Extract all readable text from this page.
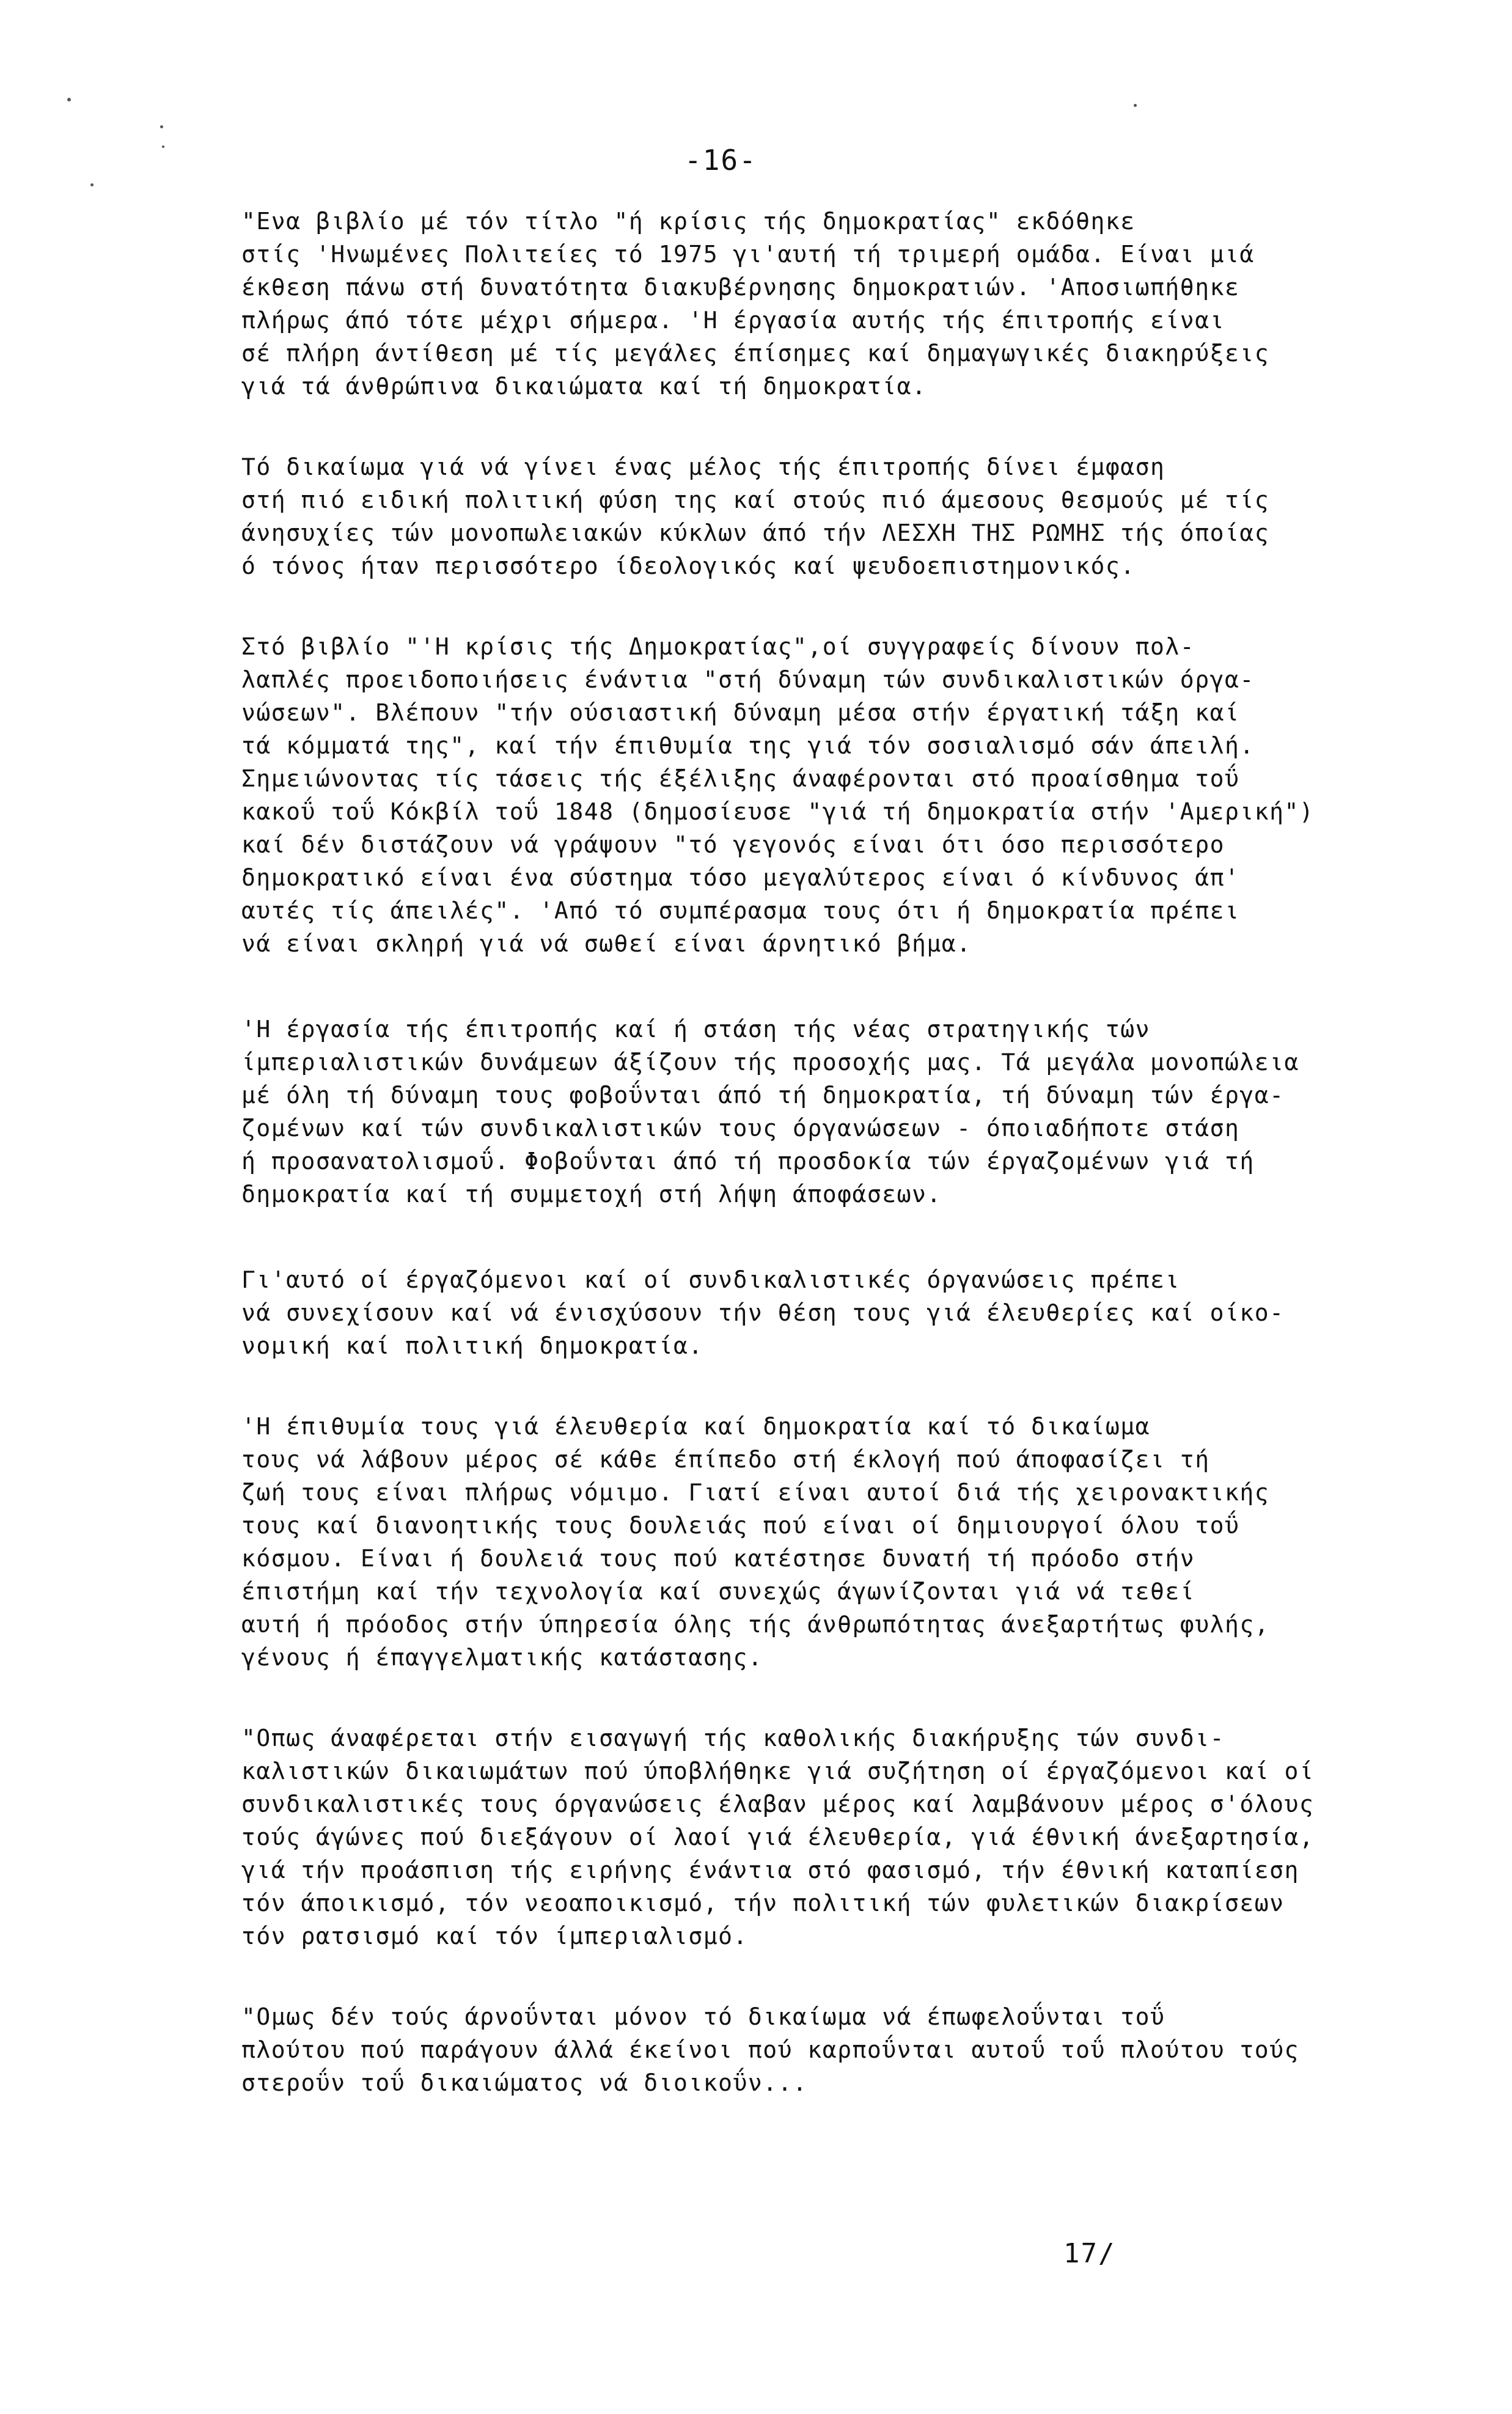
-16-
"Ενα βιβλίο μέ τόν τίτλο "ή κρίσις τής δημοκρατίας" εκδόθηκε
στίς 'Ηνωμένες Πολιτείες τό 1975 γι'αυτή τή τριμερή ομάδα. Είναι μιά
έκθεση πάνω στή δυνατότητα διακυβέρνησης δημοκρατιών. 'Αποσιωπήθηκε
πλήρως άπό τότε μέχρι σήμερα. 'Η έργασία αυτής τής έπιτροπής είναι
σέ πλήρη άντίθεση μέ τίς μεγάλες έπίσημες καί δημαγωγικές διακηρύξεις
γιά τά άνθρώπινα δικαιώματα καί τή δημοκρατία.
Τό δικαίωμα γιά νά γίνει ένας μέλος τής έπιτροπής δίνει έμφαση
στή πιό ειδική πολιτική φύση της καί στούς πιό άμεσους θεσμούς μέ τίς
άνησυχίες τών μονοπωλειακών κύκλων άπό τήν ΛΕΣΧΗ ΤΗΣ ΡΩΜΗΣ τής όποίας
ό τόνος ήταν περισσότερο ίδεολογικός καί ψευδοεπιστημονικός.
Στό βιβλίο "'Η κρίσις τής Δημοκρατίας",οί συγγραφείς δίνουν πολ-
λαπλές προειδοποιήσεις ένάντια "στή δύναμη τών συνδικαλιστικών όργα-
νώσεων". Βλέπουν "τήν ούσιαστική δύναμη μέσα στήν έργατική τάξη καί
τά κόμματά της", καί τήν έπιθυμία της γιά τόν σοσιαλισμό σάν άπειλή.
Σημειώνοντας τίς τάσεις τής έξέλιξης άναφέρονται στό προαίσθημα τοΰ
κακοΰ τοΰ Κόκβίλ τοΰ 1848 (δημοσίευσε "γιά τή δημοκρατία στήν 'Αμερική")
καί δέν διστάζουν νά γράψουν "τό γεγονός είναι ότι όσο περισσότερο
δημοκρατικό είναι ένα σύστημα τόσο μεγαλύτερος είναι ό κίνδυνος άπ'
αυτές τίς άπειλές". 'Από τό συμπέρασμα τους ότι ή δημοκρατία πρέπει
νά είναι σκληρή γιά νά σωθεί είναι άρνητικό βήμα.
'Η έργασία τής έπιτροπής καί ή στάση τής νέας στρατηγικής τών
ίμπεριαλιστικών δυνάμεων άξίζουν τής προσοχής μας. Τά μεγάλα μονοπώλεια
μέ όλη τή δύναμη τους φοβοΰνται άπό τή δημοκρατία, τή δύναμη τών έργα-
ζομένων καί τών συνδικαλιστικών τους όργανώσεων - όποιαδήποτε στάση
ή προσανατολισμοΰ. Φοβοΰνται άπό τή προσδοκία τών έργαζομένων γιά τή
δημοκρατία καί τή συμμετοχή στή λήψη άποφάσεων.
Γι'αυτό οί έργαζόμενοι καί οί συνδικαλιστικές όργανώσεις πρέπει
νά συνεχίσουν καί νά ένισχύσουν τήν θέση τους γιά έλευθερίες καί οίκο-
νομική καί πολιτική δημοκρατία.
'Η έπιθυμία τους γιά έλευθερία καί δημοκρατία καί τό δικαίωμα
τους νά λάβουν μέρος σέ κάθε έπίπεδο στή έκλογή πού άποφασίζει τή
ζωή τους είναι πλήρως νόμιμο. Γιατί είναι αυτοί διά τής χειρονακτικής
τους καί διανοητικής τους δουλειάς πού είναι οί δημιουργοί όλου τοΰ
κόσμου. Είναι ή δουλειά τους πού κατέστησε δυνατή τή πρόοδο στήν
έπιστήμη καί τήν τεχνολογία καί συνεχώς άγωνίζονται γιά νά τεθεί
αυτή ή πρόοδος στήν ύπηρεσία όλης τής άνθρωπότητας άνεξαρτήτως φυλής,
γένους ή έπαγγελματικής κατάστασης.
"Οπως άναφέρεται στήν εισαγωγή τής καθολικής διακήρυξης τών συνδι-
καλιστικών δικαιωμάτων πού ύποβλήθηκε γιά συζήτηση οί έργαζόμενοι καί οί
συνδικαλιστικές τους όργανώσεις έλαβαν μέρος καί λαμβάνουν μέρος σ'όλους
τούς άγώνες πού διεξάγουν οί λαοί γιά έλευθερία, γιά έθνική άνεξαρτησία,
γιά τήν προάσπιση τής ειρήνης ένάντια στό φασισμό, τήν έθνική καταπίεση
τόν άποικισμό, τόν νεοαποικισμό, τήν πολιτική τών φυλετικών διακρίσεων
τόν ρατσισμό καί τόν ίμπεριαλισμό.
"Ομως δέν τούς άρνοΰνται μόνον τό δικαίωμα νά έπωφελοΰνται τοΰ
πλούτου πού παράγουν άλλά έκείνοι πού καρποΰνται αυτοΰ τοΰ πλούτου τούς
στεροΰν τοΰ δικαιώματος νά διοικοΰν...
17/
